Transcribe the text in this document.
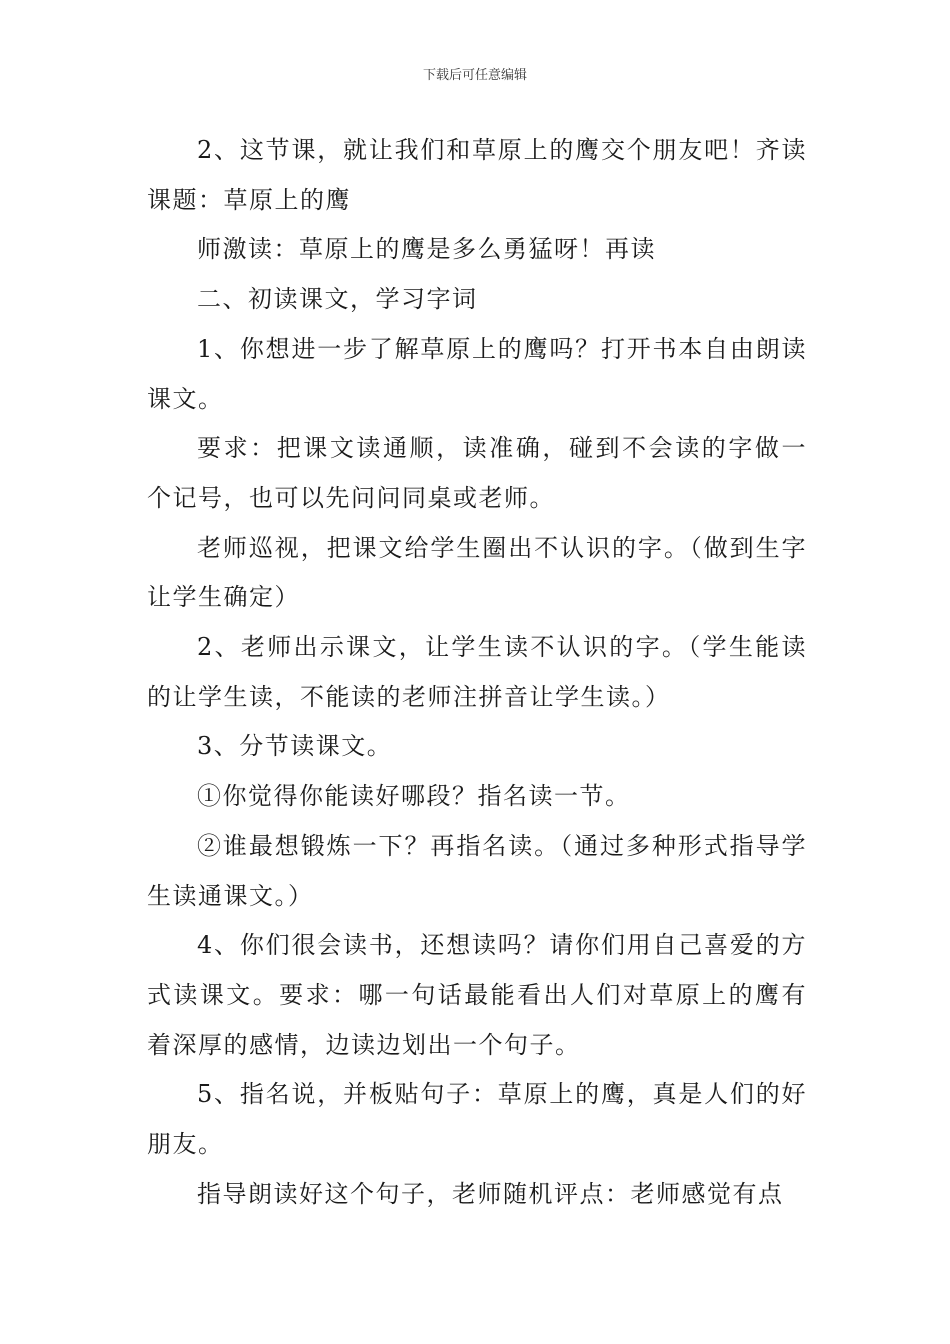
下载后可任意编辑

2、这节课，就让我们和草原上的鹰交个朋友吧！齐读课题：草原上的鹰

师激读：草原上的鹰是多么勇猛呀！再读

二、初读课文，学习字词

1、你想进一步了解草原上的鹰吗？打开书本自由朗读课文。

要求：把课文读通顺，读准确，碰到不会读的字做一个记号，也可以先问问同桌或老师。

老师巡视，把课文给学生圈出不认识的字。（做到生字让学生确定）

2、老师出示课文，让学生读不认识的字。（学生能读的让学生读，不能读的老师注拼音让学生读。）

3、分节读课文。

①你觉得你能读好哪段？指名读一节。

②谁最想锻炼一下？再指名读。（通过多种形式指导学生读通课文。）

4、你们很会读书，还想读吗？请你们用自己喜爱的方式读课文。要求：哪一句话最能看出人们对草原上的鹰有着深厚的感情，边读边划出一个句子。

5、指名说，并板贴句子：草原上的鹰，真是人们的好朋友。

指导朗读好这个句子，老师随机评点：老师感觉有点
